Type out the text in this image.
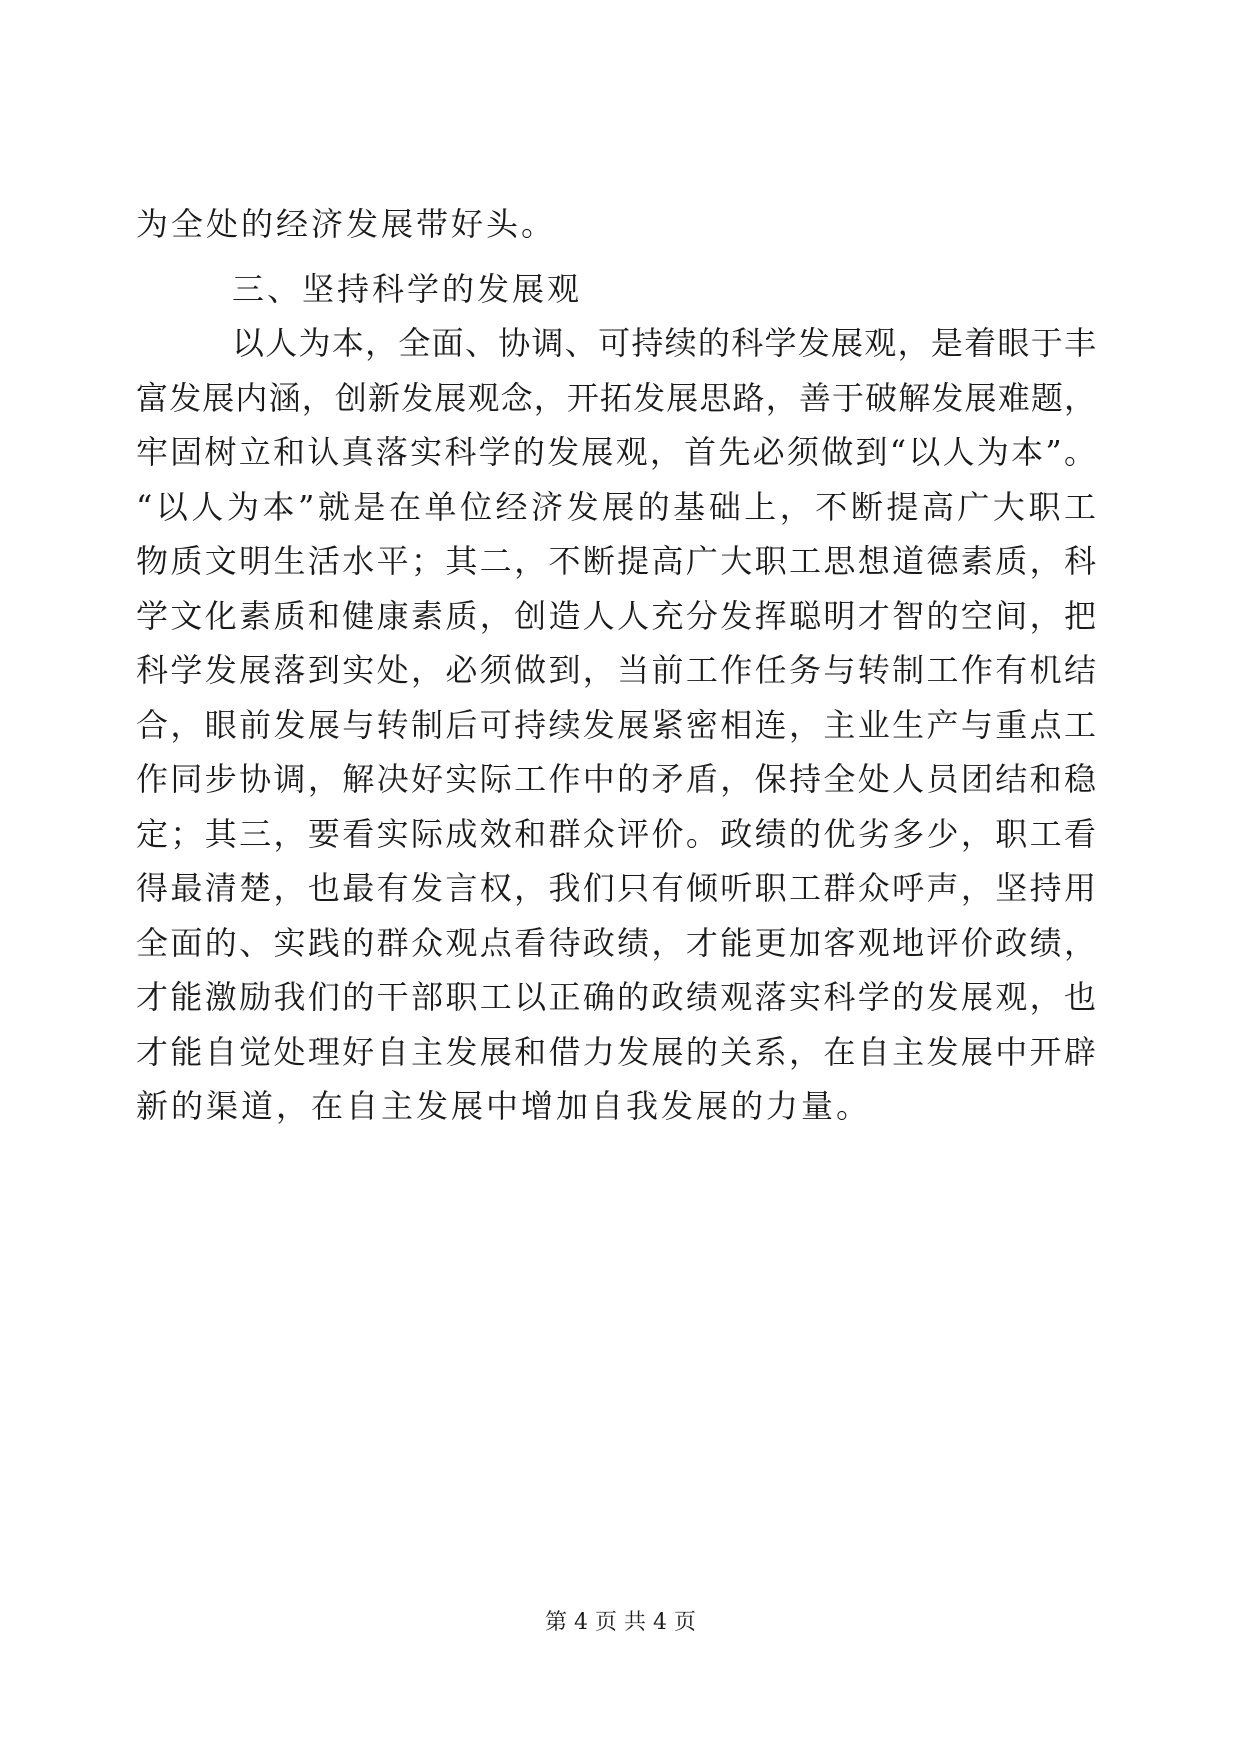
为全处的经济发展带好头。
三、坚持科学的发展观
以人为本，全面、协调、可持续的科学发展观，是着眼于丰
富发展内涵，创新发展观念，开拓发展思路，善于破解发展难题，
牢固树立和认真落实科学的发展观，首先必须做到“以人为本”。
“以人为本”就是在单位经济发展的基础上，不断提高广大职工
物质文明生活水平；其二，不断提高广大职工思想道德素质，科
学文化素质和健康素质，创造人人充分发挥聪明才智的空间，把
科学发展落到实处，必须做到，当前工作任务与转制工作有机结
合，眼前发展与转制后可持续发展紧密相连，主业生产与重点工
作同步协调，解决好实际工作中的矛盾，保持全处人员团结和稳
定；其三，要看实际成效和群众评价。政绩的优劣多少，职工看
得最清楚，也最有发言权，我们只有倾听职工群众呼声，坚持用
全面的、实践的群众观点看待政绩，才能更加客观地评价政绩，
才能激励我们的干部职工以正确的政绩观落实科学的发展观，也
才能自觉处理好自主发展和借力发展的关系，在自主发展中开辟
新的渠道，在自主发展中增加自我发展的力量。
第 4 页 共 4 页
